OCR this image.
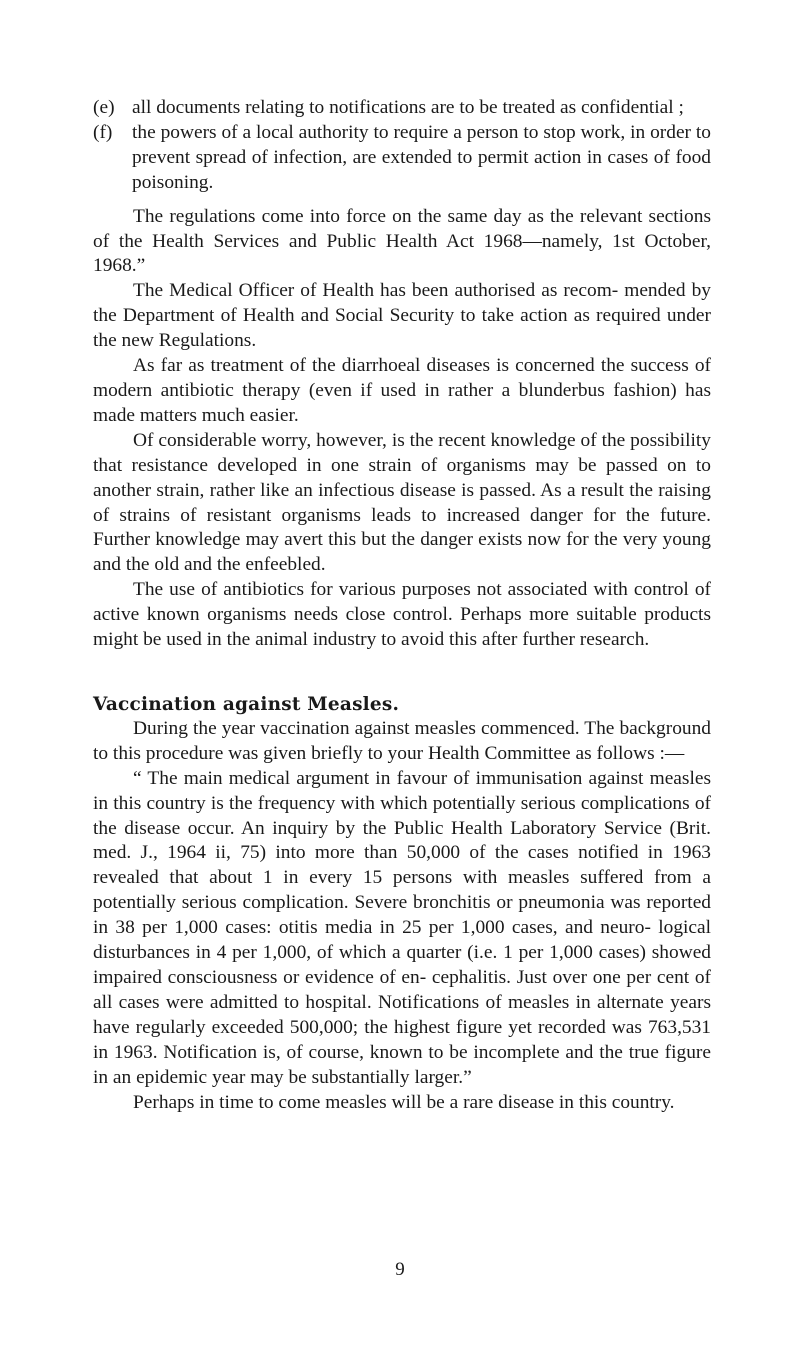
(e) all documents relating to notifications are to be treated as confidential ;
(f) the powers of a local authority to require a person to stop work, in order to prevent spread of infection, are extended to permit action in cases of food poisoning.

The regulations come into force on the same day as the relevant sections of the Health Services and Public Health Act 1968—namely, 1st October, 1968.”

The Medical Officer of Health has been authorised as recom- mended by the Department of Health and Social Security to take action as required under the new Regulations.

As far as treatment of the diarrhoeal diseases is concerned the success of modern antibiotic therapy (even if used in rather a blunderbus fashion) has made matters much easier.

Of considerable worry, however, is the recent knowledge of the possibility that resistance developed in one strain of organisms may be passed on to another strain, rather like an infectious disease is passed. As a result the raising of strains of resistant organisms leads to increased danger for the future. Further knowledge may avert this but the danger exists now for the very young and the old and the enfeebled.

The use of antibiotics for various purposes not associated with control of active known organisms needs close control. Perhaps more suitable products might be used in the animal industry to avoid this after further research.

Vaccination against Measles.

During the year vaccination against measles commenced. The background to this procedure was given briefly to your Health Committee as follows :—

“ The main medical argument in favour of immunisation against measles in this country is the frequency with which potentially serious complications of the disease occur. An inquiry by the Public Health Laboratory Service (Brit. med. J., 1964 ii, 75) into more than 50,000 of the cases notified in 1963 revealed that about 1 in every 15 persons with measles suffered from a potentially serious complication. Severe bronchitis or pneumonia was reported in 38 per 1,000 cases: otitis media in 25 per 1,000 cases, and neuro- logical disturbances in 4 per 1,000, of which a quarter (i.e. 1 per 1,000 cases) showed impaired consciousness or evidence of en- cephalitis. Just over one per cent of all cases were admitted to hospital. Notifications of measles in alternate years have regularly exceeded 500,000; the highest figure yet recorded was 763,531 in 1963. Notification is, of course, known to be incomplete and the true figure in an epidemic year may be substantially larger.”

Perhaps in time to come measles will be a rare disease in this country.

9
